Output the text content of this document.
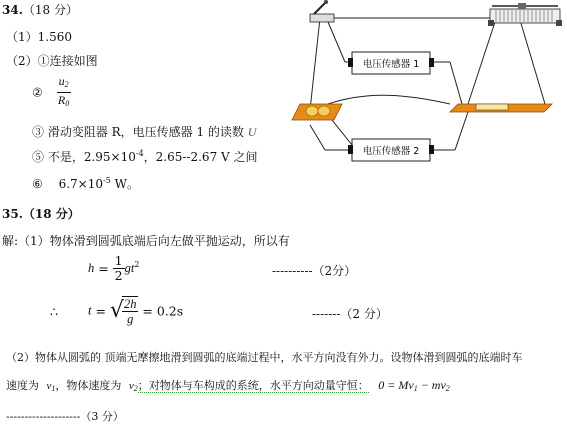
34.（18 分）
（1）1.560
（2）①连接如图
② $\frac{u_2}{R_0}$
③ 滑动变阻器 R，电压传感器 1 的读数 U
⑤ 不是，$2.95\times 10^{-4}$，2.65--2.67 V 之间
⑥ $6.7\times 10^{-5}$ W。
电压传感器 1
电压传感器 2
35.（18 分）
解:（1）物体滑到圆弧底端后向左做平抛运动，所以有
$h = \frac{1}{2} gt^2$	----------（2分）
∴ t = √
$\frac{2h}{g} = 0.2s$	-------（2 分）
（2）物体从圆弧的 顶端无摩擦地滑到圆弧的底端过程中，水平方向没有外力。设物体滑到圆弧的底端时车
速度为 $v_1$，物体速度为 $v_2$；对物体与车构成的系统，水平方向动量守恒： $0 = Mv_1 - mv_2$
--------------------（3 分）
